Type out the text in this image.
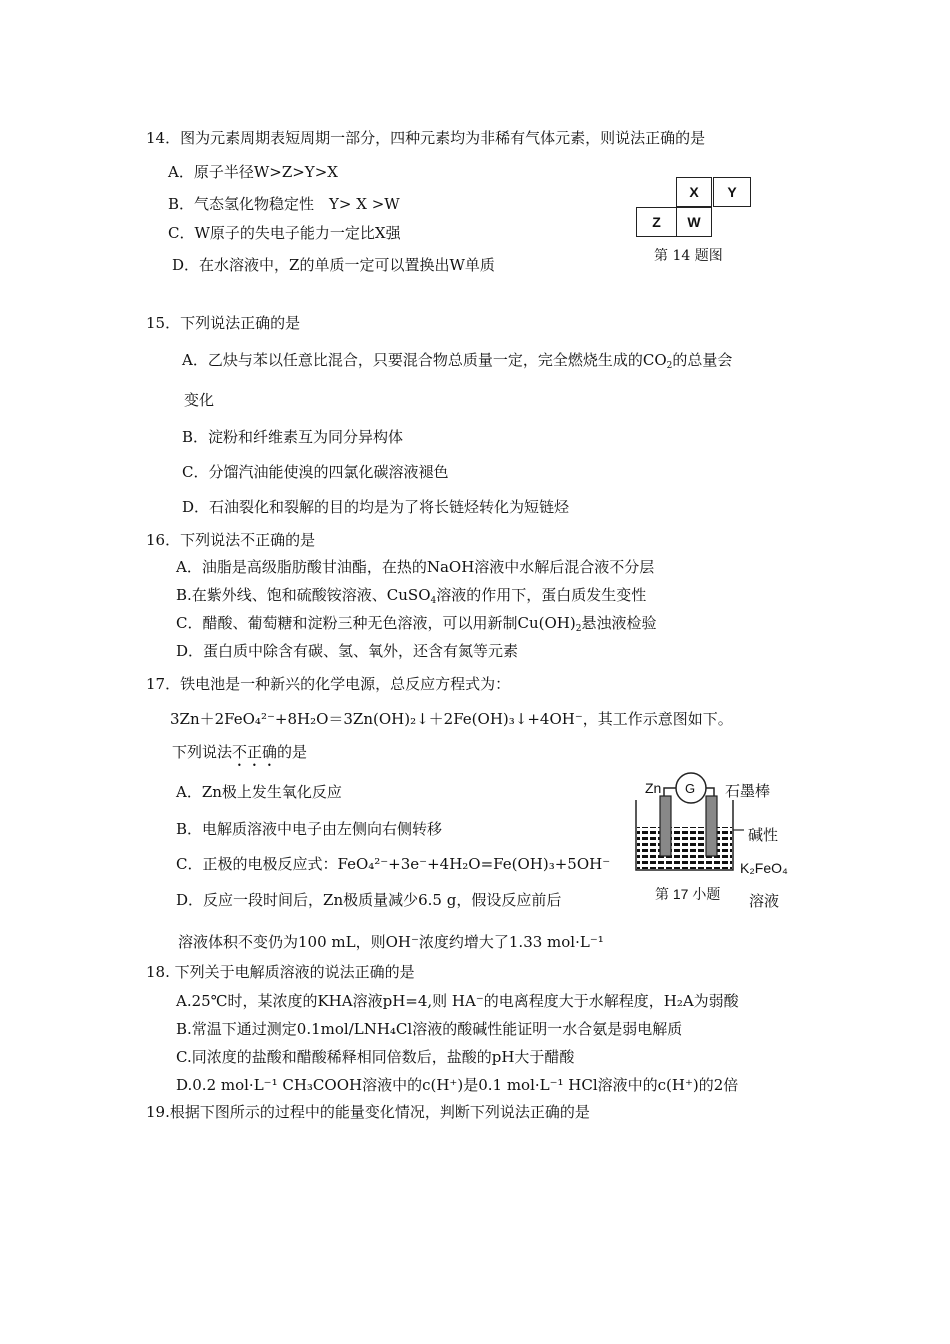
14．图为元素周期表短周期一部分，四种元素均为非稀有气体元素，则说法正确的是
A．原子半径W>Z>Y>X
B．气态氢化物稳定性　Y> X >W
C．W原子的失电子能力一定比X强
D．在水溶液中，Z的单质一定可以置换出W单质
X	Y
Z	W
第 14 题图
15．下列说法正确的是
A．乙炔与苯以任意比混合，只要混合物总质量一定，完全燃烧生成的$CO_2$的总量会
变化
B．淀粉和纤维素互为同分异构体
C．分馏汽油能使溴的四氯化碳溶液褪色
D．石油裂化和裂解的目的均是为了将长链烃转化为短链烃
16．下列说法不正确的是
A．油脂是高级脂肪酸甘油酯，在热的NaOH溶液中水解后混合液不分层
B.在紫外线、饱和硫酸铵溶液、CuSO$_4$溶液的作用下，蛋白质发生变性
C．醋酸、葡萄糖和淀粉三种无色溶液，可以用新制$Cu(OH)_2$悬浊液检验
D．蛋白质中除含有碳、氢、氧外，还含有氮等元素
17．铁电池是一种新兴的化学电源，总反应方程式为：
3Zn＋2FeO₄²⁻+8H₂O＝3Zn(OH)₂↓＋2Fe(OH)₃↓+4OH⁻，其工作示意图如下。
下列说法不正确的是
A．Zn极上发生氧化反应
B．电解质溶液中电子由左侧向右侧转移
C．正极的电极反应式：FeO₄²⁻+3e⁻+4H₂O=Fe(OH)₃+5OH⁻
D．反应一段时间后，Zn极质量减少6.5 g，假设反应前后
溶液体积不变仍为100 mL，则OH⁻浓度约增大了1.33 mol·L⁻¹
Zn G 石墨棒
碱性
K₂FeO₄
溶液
第 17 小题
18. 下列关于电解质溶液的说法正确的是
A.25℃时，某浓度的KHA溶液pH=4,则 HA⁻的电离程度大于水解程度，H₂A为弱酸
B.常温下通过测定0.1mol/LNH₄Cl溶液的酸碱性能证明一水合氨是弱电解质
C.同浓度的盐酸和醋酸稀释相同倍数后，盐酸的pH大于醋酸
D.0.2 mol·L⁻¹ CH₃COOH溶液中的c(H⁺)是0.1 mol·L⁻¹ HCl溶液中的c(H⁺)的2倍
19.根据下图所示的过程中的能量变化情况，判断下列说法正确的是
